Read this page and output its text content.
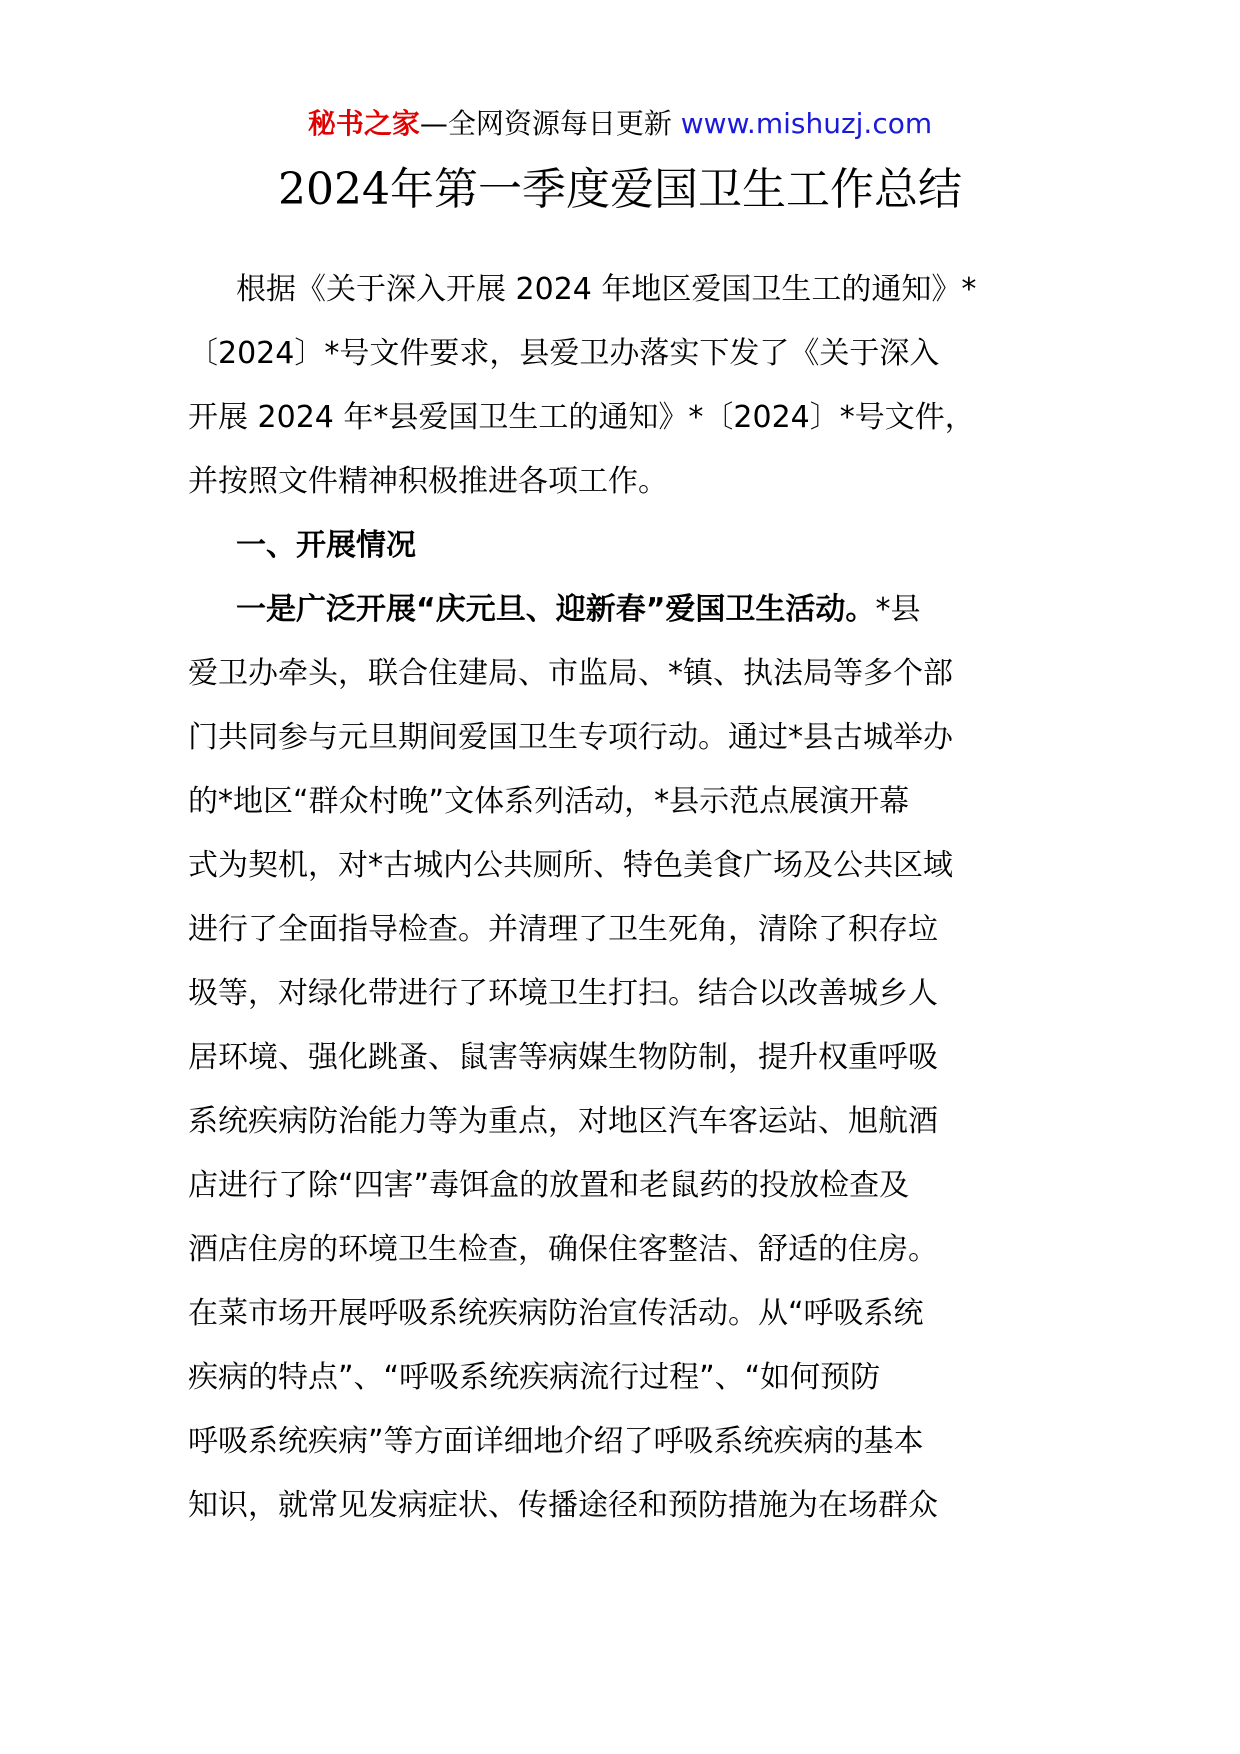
秘书之家—全网资源每日更新 www.mishuzj.com
2024年第一季度爱国卫生工作总结
根据《关于深入开展 2024 年地区爱国卫生工的通知》*
〔2024〕*号文件要求，县爱卫办落实下发了《关于深入
开展 2024 年*县爱国卫生工的通知》*〔2024〕*号文件，
并按照文件精神积极推进各项工作。
一、开展情况
一是广泛开展“庆元旦、迎新春”爱国卫生活动。*县
爱卫办牵头，联合住建局、市监局、*镇、执法局等多个部
门共同参与元旦期间爱国卫生专项行动。通过*县古城举办
的*地区“群众村晚”文体系列活动，*县示范点展演开幕
式为契机，对*古城内公共厕所、特色美食广场及公共区域
进行了全面指导检查。并清理了卫生死角，清除了积存垃
圾等，对绿化带进行了环境卫生打扫。结合以改善城乡人
居环境、强化跳蚤、鼠害等病媒生物防制，提升权重呼吸
系统疾病防治能力等为重点，对地区汽车客运站、旭航酒
店进行了除“四害”毒饵盒的放置和老鼠药的投放检查及
酒店住房的环境卫生检查，确保住客整洁、舒适的住房。
在菜市场开展呼吸系统疾病防治宣传活动。从“呼吸系统
疾病的特点”、“呼吸系统疾病流行过程”、“如何预防
呼吸系统疾病”等方面详细地介绍了呼吸系统疾病的基本
知识，就常见发病症状、传播途径和预防措施为在场群众
